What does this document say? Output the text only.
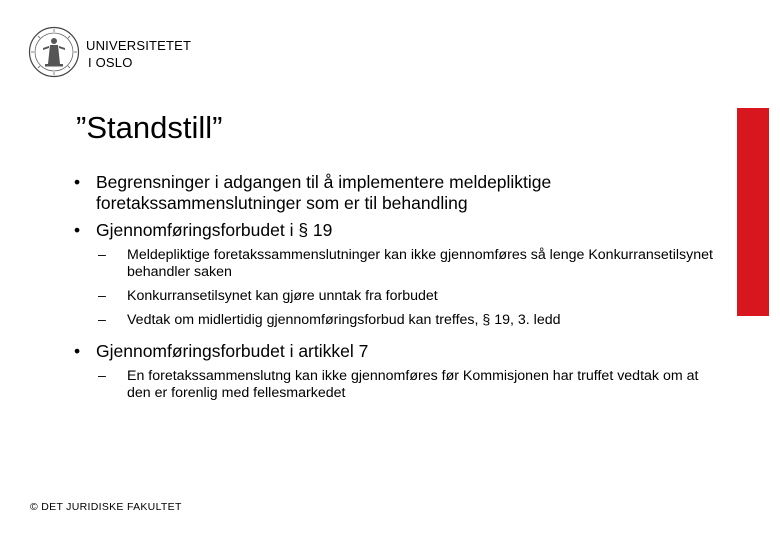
UNIVERSITETET
I OSLO
”Standstill”
• Begrensninger i adgangen til å implementere meldepliktige foretakssammenslutninger som er til behandling
• Gjennomføringsforbudet i § 19
– Meldepliktige foretakssammenslutninger kan ikke gjennomføres så lenge Konkurransetilsynet behandler saken
– Konkurransetilsynet kan gjøre unntak fra forbudet
– Vedtak om midlertidig gjennomføringsforbud kan treffes, § 19, 3. ledd
• Gjennomføringsforbudet i artikkel 7
– En foretakssammenslutng kan ikke gjennomføres før Kommisjonen har truffet vedtak om at den er forenlig med fellesmarkedet
© DET JURIDISKE FAKULTET
